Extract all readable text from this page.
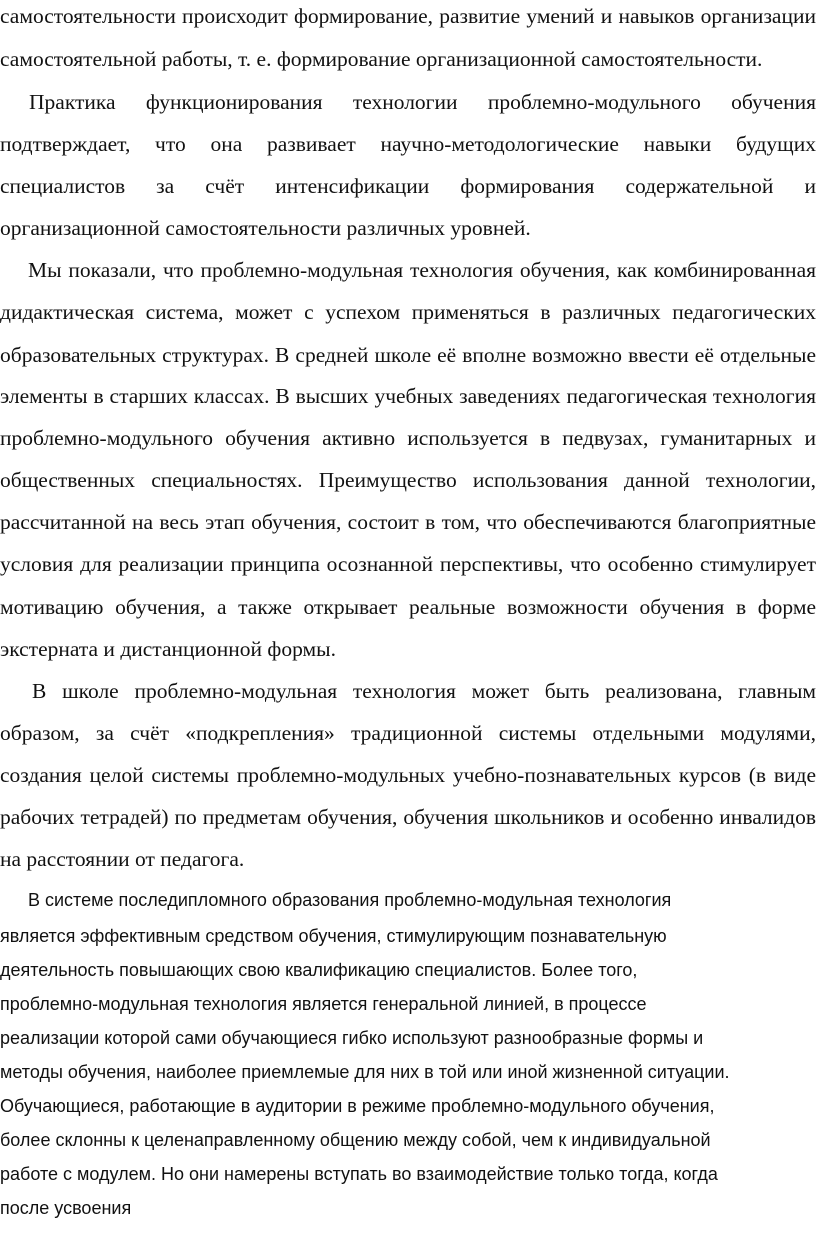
самостоятельности происходит формирование, развитие умений и навыков организации
самостоятельной работы, т. е. формирование организационной самостоятельности.
Практика функционирования технологии проблемно-модульного обучения
подтверждает, что она развивает научно-методологические навыки будущих
специалистов за счёт интенсификации формирования содержательной и
организационной самостоятельности различных уровней.
Мы показали, что проблемно-модульная технология обучения, как комбинированная
дидактическая система, может с успехом применяться в различных педагогических
образовательных структурах. В средней школе её вполне возможно ввести её отдельные
элементы в старших классах. В высших учебных заведениях педагогическая технология
проблемно-модульного обучения активно используется в педвузах, гуманитарных и
общественных специальностях. Преимущество использования данной технологии,
рассчитанной на весь этап обучения, состоит в том, что обеспечиваются благоприятные
условия для реализации принципа осознанной перспективы, что особенно стимулирует
мотивацию обучения, а также открывает реальные возможности обучения в форме
экстерната и дистанционной формы.
В школе проблемно-модульная технология может быть реализована, главным
образом, за счёт «подкрепления» традиционной системы отдельными модулями,
создания целой системы проблемно-модульных учебно-познавательных курсов (в виде
рабочих тетрадей) по предметам обучения, обучения школьников и особенно инвалидов
на расстоянии от педагога.
В системе последипломного образования проблемно-модульная технология
является эффективным средством обучения, стимулирующим познавательную
деятельность повышающих свою квалификацию специалистов. Более того,
проблемно-модульная технология является генеральной линией, в процессе
реализации которой сами обучающиеся гибко используют разнообразные формы и
методы обучения, наиболее приемлемые для них в той или иной жизненной ситуации.
Обучающиеся, работающие в аудитории в режиме проблемно-модульного обучения,
более склонны к целенаправленному общению между собой, чем к индивидуальной
работе с модулем. Но они намерены вступать во взаимодействие только тогда, когда
после усвоения
